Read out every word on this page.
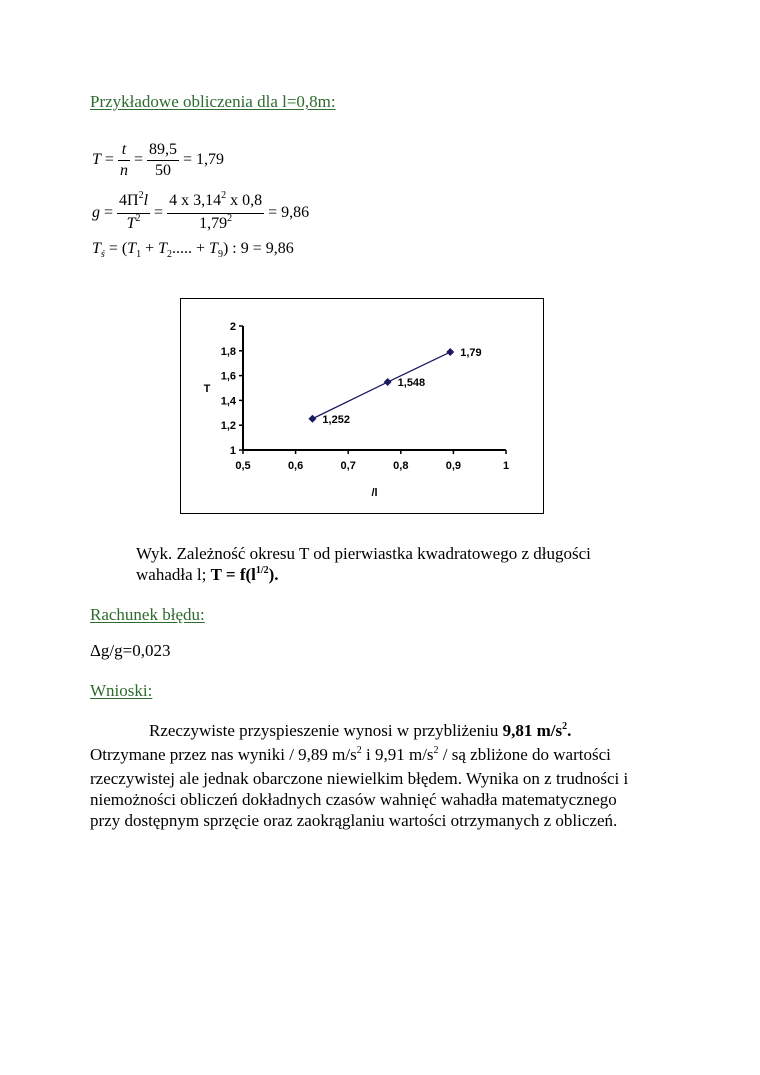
Przykładowe obliczenia dla l=0,8m:
$T = \frac{t}{n} = \frac{89,5}{50} = 1,79$
$g = \frac{4\Pi^2l}{T^2} = \frac{4 x 3,14^2 x 0,8}{1,79^2} = 9,86$
$T_ś = (T_1 + T_2$..... + $T_9$) : 9 = 9,86
1
1,2
1,4
1,6
1,8
2
0,5	0,6	0,7	0,8	0,9	1
T
/l
1,252
1,548
1,79
Wyk. Zależność okresu T od pierwiastka kwadratowego z długości
wahadła l; $T = f(l^{1/2})$.
Rachunek błędu:
Δg/g=0,023
Wnioski:
Rzeczywiste przyspieszenie wynosi w przybliżeniu 9,81 $m/s^2$.
Otrzymane przez nas wyniki / 9,89 $m/s^2$ i 9,91 $m/s^2$ / są zbliżone do wartości
rzeczywistej ale jednak obarczone niewielkim błędem. Wynika on z trudności i
niemożności obliczeń dokładnych czasów wahnięć wahadła matematycznego
przy dostępnym sprzęcie oraz zaokrąglaniu wartości otrzymanych z obliczeń.
